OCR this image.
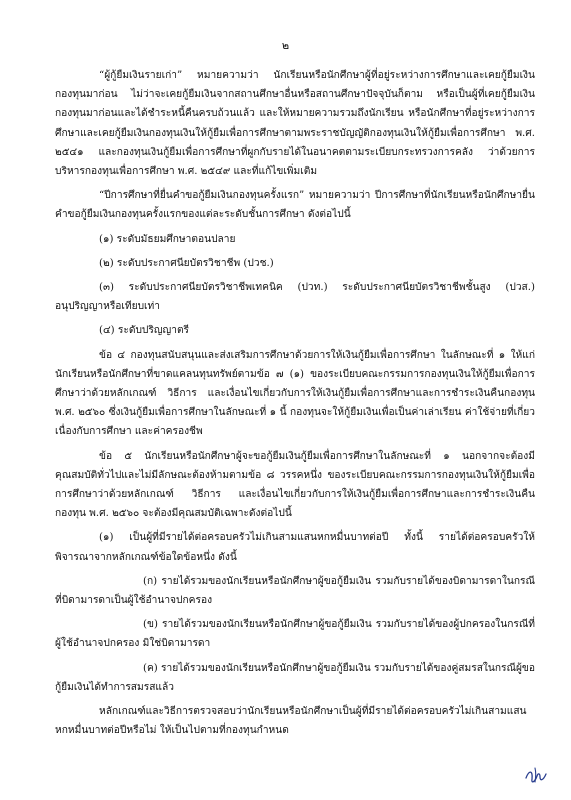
๒

“ผู้กู้ยืมเงินรายเก่า” หมายความว่า นักเรียนหรือนักศึกษาผู้ที่อยู่ระหว่างการศึกษาและเคยกู้ยืมเงินกองทุนมาก่อน ไม่ว่าจะเคยกู้ยืมเงินจากสถานศึกษาอื่นหรือสถานศึกษาปัจจุบันก็ตาม หรือเป็นผู้ที่เคยกู้ยืมเงินกองทุนมาก่อนและได้ชำระหนี้คืนครบถ้วนแล้ว และให้หมายความรวมถึงนักเรียน หรือนักศึกษาที่อยู่ระหว่างการศึกษาและเคยกู้ยืมเงินกองทุนเงินให้กู้ยืมเพื่อการศึกษาตามพระราชบัญญัติกองทุนเงินให้กู้ยืมเพื่อการศึกษา พ.ศ. ๒๕๔๑ และกองทุนเงินกู้ยืมเพื่อการศึกษาที่ผูกกับรายได้ในอนาคตตามระเบียบกระทรวงการคลัง ว่าด้วยการบริหารกองทุนเพื่อการศึกษา พ.ศ. ๒๕๔๙ และที่แก้ไขเพิ่มเติม

“ปีการศึกษาที่ยื่นคำขอกู้ยืมเงินกองทุนครั้งแรก” หมายความว่า ปีการศึกษาที่นักเรียนหรือนักศึกษายื่นคำขอกู้ยืมเงินกองทุนครั้งแรกของแต่ละระดับชั้นการศึกษา ดังต่อไปนี้

(๑) ระดับมัธยมศึกษาตอนปลาย

(๒) ระดับประกาศนียบัตรวิชาชีพ (ปวช.)

(๓) ระดับประกาศนียบัตรวิชาชีพเทคนิค (ปวท.) ระดับประกาศนียบัตรวิชาชีพชั้นสูง (ปวส.) อนุปริญญาหรือเทียบเท่า

(๔) ระดับปริญญาตรี

ข้อ ๔ กองทุนสนับสนุนและส่งเสริมการศึกษาด้วยการให้เงินกู้ยืมเพื่อการศึกษา ในลักษณะที่ ๑ ให้แก่นักเรียนหรือนักศึกษาที่ขาดแคลนทุนทรัพย์ตามข้อ ๗ (๑) ของระเบียบคณะกรรมการกองทุนเงินให้กู้ยืมเพื่อการศึกษาว่าด้วยหลักเกณฑ์ วิธีการ และเงื่อนไขเกี่ยวกับการให้เงินกู้ยืมเพื่อการศึกษาและการชำระเงินคืนกองทุน พ.ศ. ๒๕๖๐ ซึ่งเงินกู้ยืมเพื่อการศึกษาในลักษณะที่ ๑ นี้ กองทุนจะให้กู้ยืมเงินเพื่อเป็นค่าเล่าเรียน ค่าใช้จ่ายที่เกี่ยวเนื่องกับการศึกษา และค่าครองชีพ

ข้อ ๕ นักเรียนหรือนักศึกษาผู้จะขอกู้ยืมเงินกู้ยืมเพื่อการศึกษาในลักษณะที่ ๑ นอกจากจะต้องมีคุณสมบัติทั่วไปและไม่มีลักษณะต้องห้ามตามข้อ ๘ วรรคหนึ่ง ของระเบียบคณะกรรมการกองทุนเงินให้กู้ยืมเพื่อการศึกษาว่าด้วยหลักเกณฑ์ วิธีการ และเงื่อนไขเกี่ยวกับการให้เงินกู้ยืมเพื่อการศึกษาและการชำระเงินคืนกองทุน พ.ศ. ๒๕๖๐ จะต้องมีคุณสมบัติเฉพาะดังต่อไปนี้

(๑) เป็นผู้ที่มีรายได้ต่อครอบครัวไม่เกินสามแสนหกหมื่นบาทต่อปี ทั้งนี้ รายได้ต่อครอบครัวให้พิจารณาจากหลักเกณฑ์ข้อใดข้อหนึ่ง ดังนี้

(ก) รายได้รวมของนักเรียนหรือนักศึกษาผู้ขอกู้ยืมเงิน รวมกับรายได้ของบิดามารดาในกรณีที่บิดามารดาเป็นผู้ใช้อำนาจปกครอง

(ข) รายได้รวมของนักเรียนหรือนักศึกษาผู้ขอกู้ยืมเงิน รวมกับรายได้ของผู้ปกครองในกรณีที่ผู้ใช้อำนาจปกครอง มิใช่บิดามารดา

(ค) รายได้รวมของนักเรียนหรือนักศึกษาผู้ขอกู้ยืมเงิน รวมกับรายได้ของคู่สมรสในกรณีผู้ขอกู้ยืมเงินได้ทำการสมรสแล้ว

หลักเกณฑ์และวิธีการตรวจสอบว่านักเรียนหรือนักศึกษาเป็นผู้ที่มีรายได้ต่อครอบครัวไม่เกินสามแสนหกหมื่นบาทต่อปีหรือไม่ ให้เป็นไปตามที่กองทุนกำหนด
